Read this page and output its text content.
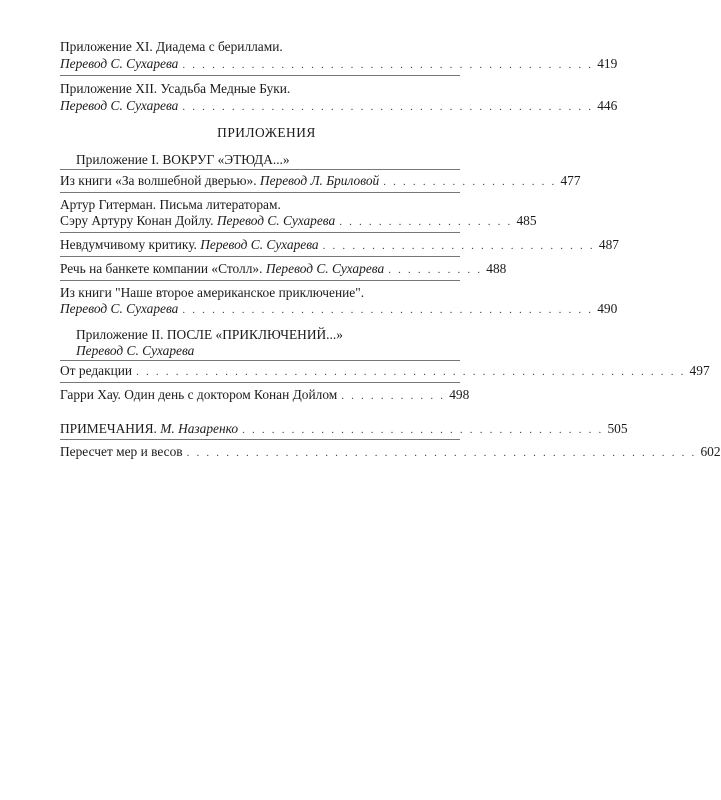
Приложение XI. Диадема с бериллами.
Перевод С. Сухарева . . . . . . . . . . . . . . . . . . . . . . . . . . . . . . . . . . . . . . . . . . 419
Приложение XII. Усадьба Медные Буки.
Перевод С. Сухарева . . . . . . . . . . . . . . . . . . . . . . . . . . . . . . . . . . . . . . . . . . 446
ПРИЛОЖЕНИЯ
Приложение I. ВОКРУГ «ЭТЮДА...»
Из книги «За волшебной дверью». Перевод Л. Бриловой . . . . . . . . . . . . . . . . . . 477
Артур Гитерман. Письма литераторам.
Сэру Артуру Конан Дойлу. Перевод С. Сухарева . . . . . . . . . . . . . . . . . . 485
Невдумчивому критику. Перевод С. Сухарева . . . . . . . . . . . . . . . . . . . . . . . . . . . . 487
Речь на банкете компании «Столл». Перевод С. Сухарева . . . . . . . . . . 488
Из книги "Наше второе американское приключение".
Перевод С. Сухарева . . . . . . . . . . . . . . . . . . . . . . . . . . . . . . . . . . . . . . . . . . 490
Приложение II. ПОСЛЕ «ПРИКЛЮЧЕНИЙ...»
Перевод С. Сухарева
От редакции . . . . . . . . . . . . . . . . . . . . . . . . . . . . . . . . . . . . . . . . . . . . . . . . . . . . . . . . 497
Гарри Хау. Один день с доктором Конан Дойлом . . . . . . . . . . . 498
ПРИМЕЧАНИЯ. М. Назаренко . . . . . . . . . . . . . . . . . . . . . . . . . . . . . . . . . . . . . 505
Пересчет мер и весов . . . . . . . . . . . . . . . . . . . . . . . . . . . . . . . . . . . . . . . . . . . . . . . . . . . . 602
